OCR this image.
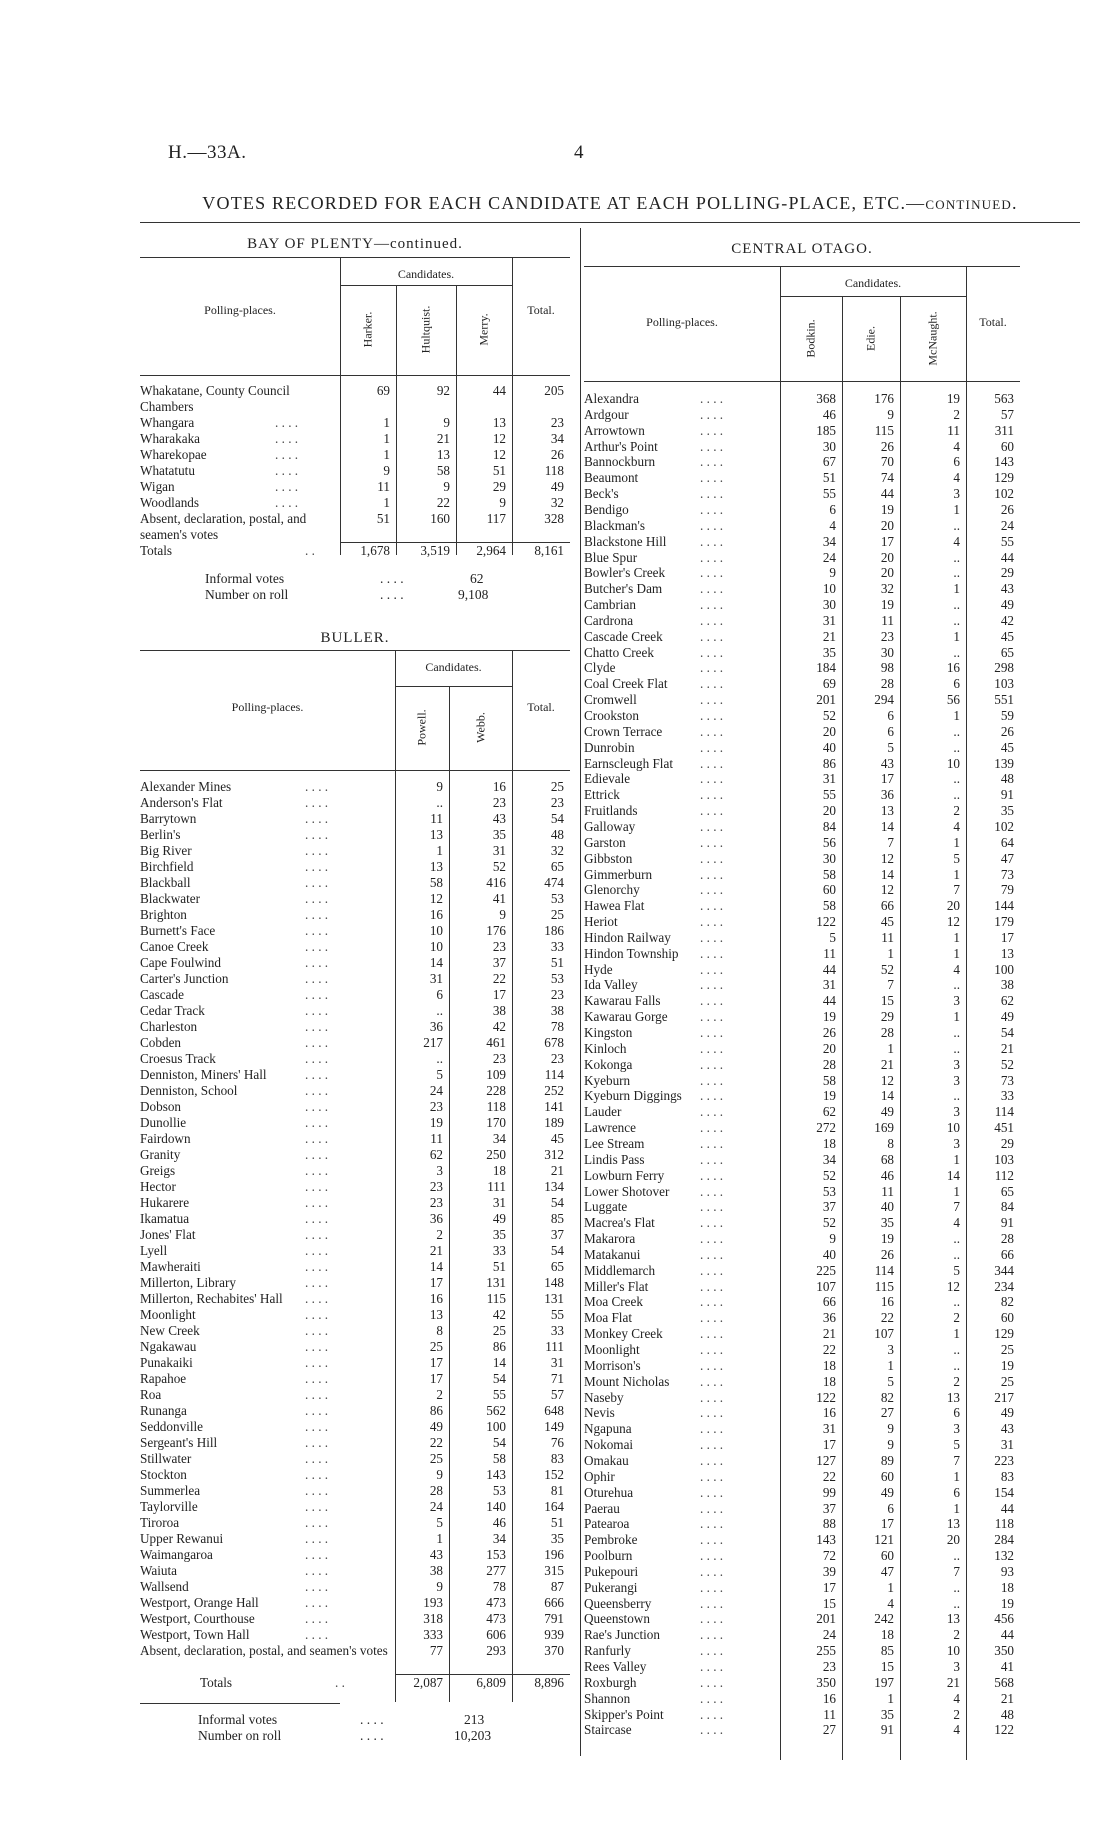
H.—33A.	4
VOTES RECORDED FOR EACH CANDIDATE AT EACH POLLING-PLACE, ETC.—continued.
BAY OF PLENTY—continued.
Candidates.
Polling-places.
Harker.	Hultquist.	Merry.
Total.
Whakatane, County Council Chambers
69	92	44	205
Whangara	. . . .	1	9	13	23
Wharakaka	. . . .	1	21	12	34
Wharekopae	. . . .	1	13	12	26
Whatatutu	. . . .	9	58	51	118
Wigan	. . . .	11	9	29	49
Woodlands	. . . .	1	22	9	32
Absent, declaration, postal, and seamen's votes
51	160	117	328
Totals	. .	1,678	3,519	2,964	8,161
Informal votes	62
Number on roll	9,108
. . . .
. . . .
BULLER.
Candidates.
Polling-places.
Powell.	Webb.
Total.
Alexander Mines	. . . .	9	16	25
Anderson's Flat	. . . .	..	23	23
Barrytown	. . . .	11	43	54
Berlin's	. . . .	13	35	48
Big River	. . . .	1	31	32
Birchfield	. . . .	13	52	65
Blackball	. . . .	58	416	474
Blackwater	. . . .	12	41	53
Brighton	. . . .	16	9	25
Burnett's Face	. . . .	10	176	186
Canoe Creek	. . . .	10	23	33
Cape Foulwind	. . . .	14	37	51
Carter's Junction	. . . .	31	22	53
Cascade	. . . .	6	17	23
Cedar Track	. . . .	..	38	38
Charleston	. . . .	36	42	78
Cobden	. . . .	217	461	678
Croesus Track	. . . .	..	23	23
Denniston, Miners' Hall	. . . .	5	109	114
Denniston, School	. . . .	24	228	252
Dobson	. . . .	23	118	141
Dunollie	. . . .	19	170	189
Fairdown	. . . .	11	34	45
Granity	. . . .	62	250	312
Greigs	. . . .	3	18	21
Hector	. . . .	23	111	134
Hukarere	. . . .	23	31	54
Ikamatua	. . . .	36	49	85
Jones' Flat	. . . .	2	35	37
Lyell	. . . .	21	33	54
Mawheraiti	. . . .	14	51	65
Millerton, Library	. . . .	17	131	148
Millerton, Rechabites' Hall . . . .	16	115	131
Moonlight	. . . .	13	42	55
New Creek	. . . .	8	25	33
Ngakawau	. . . .	25	86	111
Punakaiki	. . . .	17	14	31
Rapahoe	. . . .	17	54	71
Roa	. . . .	2	55	57
Runanga	. . . .	86	562	648
Seddonville	. . . .	49	100	149
Sergeant's Hill	. . . .	22	54	76
Stillwater	. . . .	25	58	83
Stockton	. . . .	9	143	152
Summerlea	. . . .	28	53	81
Taylorville	. . . .	24	140	164
Tiroroa	. . . .	5	46	51
Upper Rewanui	. . . .	1	34	35
Waimangaroa	. . . .	43	153	196
Waiuta	. . . .	38	277	315
Wallsend	. . . .	9	78	87
Westport, Orange Hall	. . . .	193	473	666
Westport, Courthouse	. . . .	318	473	791
Westport, Town Hall	. . . .	333	606	939
Absent, declaration, postal, and seamen's votes	77	293	370
Totals	. .	2,087	6,809	8,896
Informal votes	213
Number on roll	10,203
. . . .
. . . .
CENTRAL OTAGO.
Candidates.
Polling-places.	Bodkin.	Edie.	McNaught.	Total.
Alexandra	. . . .	368	176	19	563
Ardgour	. . . .	46	9	2	57
Arrowtown	. . . .	185	115	11	311
Arthur's Point	. . . .	30	26	4	60
Bannockburn	. . . .	67	70	6	143
Beaumont	. . . .	51	74	4	129
Beck's	. . . .	55	44	3	102
Bendigo	. . . .	6	19	1	26
Blackman's	. . . .	4	20	..	24
Blackstone Hill	. . . .	34	17	4	55
Blue Spur	. . . .	24	20	..	44
Bowler's Creek	. . . .	9	20	..	29
Butcher's Dam	. . . .	10	32	1	43
Cambrian	. . . .	30	19	..	49
Cardrona	. . . .	31	11	..	42
Cascade Creek	. . . .	21	23	1	45
Chatto Creek	. . . .	35	30	..	65
Clyde	. . . .	184	98	16	298
Coal Creek Flat . . . .	69	28	6	103
Cromwell	. . . .	201	294	56	551
Crookston	. . . .	52	6	1	59
Crown Terrace	. . . .	20	6	..	26
Dunrobin	. . . .	40	5	..	45
Earnscleugh Flat . . . .	86	43	10	139
Edievale	. . . .	31	17	..	48
Ettrick	. . . .	55	36	..	91
Fruitlands	. . . .	20	13	2	35
Galloway	. . . .	84	14	4	102
Garston	. . . .	56	7	1	64
Gibbston	. . . .	30	12	5	47
Gimmerburn	. . . .	58	14	1	73
Glenorchy	. . . .	60	12	7	79
Hawea Flat	. . . .	58	66	20	144
Heriot	. . . .	122	45	12	179
Hindon Railway . . . .	5	11	1	17
Hindon Township . . . .	11	1	1	13
Hyde	. . . .	44	52	4	100
Ida Valley	. . . .	31	7	..	38
Kawarau Falls	. . . .	44	15	3	62
Kawarau Gorge . . . .	19	29	1	49
Kingston	. . . .	26	28	..	54
Kinloch	. . . .	20	1	..	21
Kokonga	. . . .	28	21	3	52
Kyeburn	. . . .	58	12	3	73
Kyeburn Diggings . . . .	19	14	..	33
Lauder	. . . .	62	49	3	114
Lawrence	. . . .	272	169	10	451
Lee Stream	. . . .	18	8	3	29
Lindis Pass	. . . .	34	68	1	103
Lowburn Ferry	. . . .	52	46	14	112
Lower Shotover . . . .	53	11	1	65
Luggate	. . . .	37	40	7	84
Macrea's Flat	. . . .	52	35	4	91
Makarora	. . . .	9	19	..	28
Matakanui	. . . .	40	26	..	66
Middlemarch	. . . .	225	114	5	344
Miller's Flat	. . . .	107	115	12	234
Moa Creek	. . . .	66	16	..	82
Moa Flat	. . . .	36	22	2	60
Monkey Creek	. . . .	21	107	1	129
Moonlight	. . . .	22	3	..	25
Morrison's	. . . .	18	1	..	19
Mount Nicholas . . . .	18	5	2	25
Naseby	. . . .	122	82	13	217
Nevis	. . . .	16	27	6	49
Ngapuna	. . . .	31	9	3	43
Nokomai	. . . .	17	9	5	31
Omakau	. . . .	127	89	7	223
Ophir	. . . .	22	60	1	83
Oturehua	. . . .	99	49	6	154
Paerau	. . . .	37	6	1	44
Patearoa	. . . .	88	17	13	118
Pembroke	. . . .	143	121	20	284
Poolburn	. . . .	72	60	..	132
Pukepouri	. . . .	39	47	7	93
Pukerangi	. . . .	17	1	..	18
Queensberry	. . . .	15	4	..	19
Queenstown	. . . .	201	242	13	456
Rae's Junction	. . . .	24	18	2	44
Ranfurly	. . . .	255	85	10	350
Rees Valley	. . . .	23	15	3	41
Roxburgh	. . . .	350	197	21	568
Shannon	. . . .	16	1	4	21
Skipper's Point	. . . .	11	35	2	48
Staircase	. . . .	27	91	4	122
